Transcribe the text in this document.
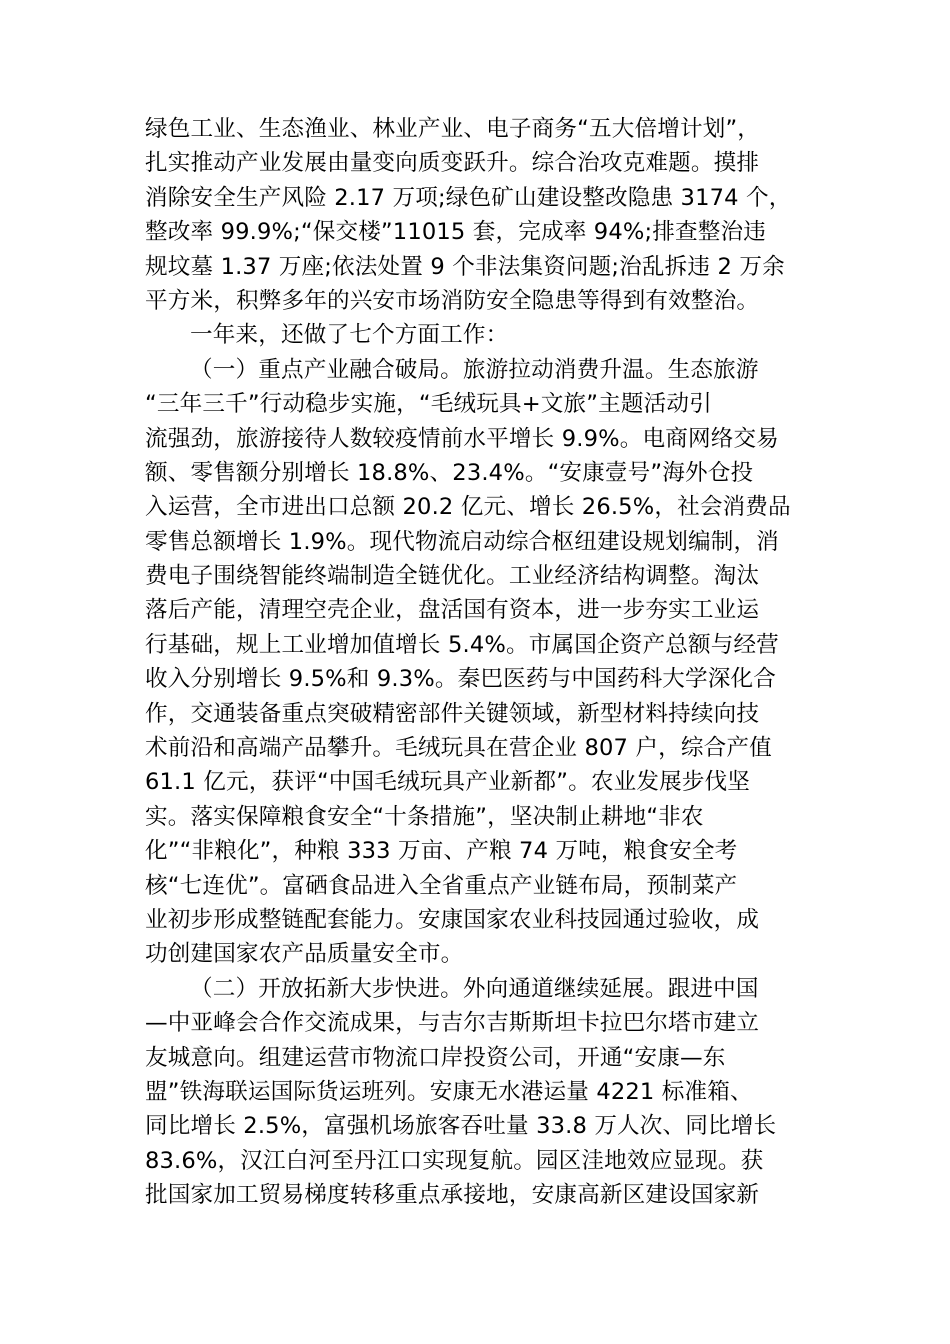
绿色工业、生态渔业、林业产业、电子商务“五大倍增计划”，
扎实推动产业发展由量变向质变跃升。综合治攻克难题。摸排
消除安全生产风险 2.17 万项;绿色矿山建设整改隐患 3174 个，
整改率 99.9%;“保交楼”11015 套，完成率 94%;排查整治违
规坟墓 1.37 万座;依法处置 9 个非法集资问题;治乱拆违 2 万余
平方米，积弊多年的兴安市场消防安全隐患等得到有效整治。
一年来，还做了七个方面工作：
（一）重点产业融合破局。旅游拉动消费升温。生态旅游
“三年三千”行动稳步实施，“毛绒玩具+文旅”主题活动引
流强劲，旅游接待人数较疫情前水平增长 9.9%。电商网络交易
额、零售额分别增长 18.8%、23.4%。“安康壹号”海外仓投
入运营，全市进出口总额 20.2 亿元、增长 26.5%，社会消费品
零售总额增长 1.9%。现代物流启动综合枢纽建设规划编制，消
费电子围绕智能终端制造全链优化。工业经济结构调整。淘汰
落后产能，清理空壳企业，盘活国有资本，进一步夯实工业运
行基础，规上工业增加值增长 5.4%。市属国企资产总额与经营
收入分别增长 9.5%和 9.3%。秦巴医药与中国药科大学深化合
作，交通装备重点突破精密部件关键领域，新型材料持续向技
术前沿和高端产品攀升。毛绒玩具在营企业 807 户，综合产值
61.1 亿元，获评“中国毛绒玩具产业新都”。农业发展步伐坚
实。落实保障粮食安全“十条措施”，坚决制止耕地“非农
化”“非粮化”，种粮 333 万亩、产粮 74 万吨，粮食安全考
核“七连优”。富硒食品进入全省重点产业链布局，预制菜产
业初步形成整链配套能力。安康国家农业科技园通过验收，成
功创建国家农产品质量安全市。
（二）开放拓新大步快进。外向通道继续延展。跟进中国
—中亚峰会合作交流成果，与吉尔吉斯斯坦卡拉巴尔塔市建立
友城意向。组建运营市物流口岸投资公司，开通“安康—东
盟”铁海联运国际货运班列。安康无水港运量 4221 标准箱、
同比增长 2.5%，富强机场旅客吞吐量 33.8 万人次、同比增长
83.6%，汉江白河至丹江口实现复航。园区洼地效应显现。获
批国家加工贸易梯度转移重点承接地，安康高新区建设国家新
